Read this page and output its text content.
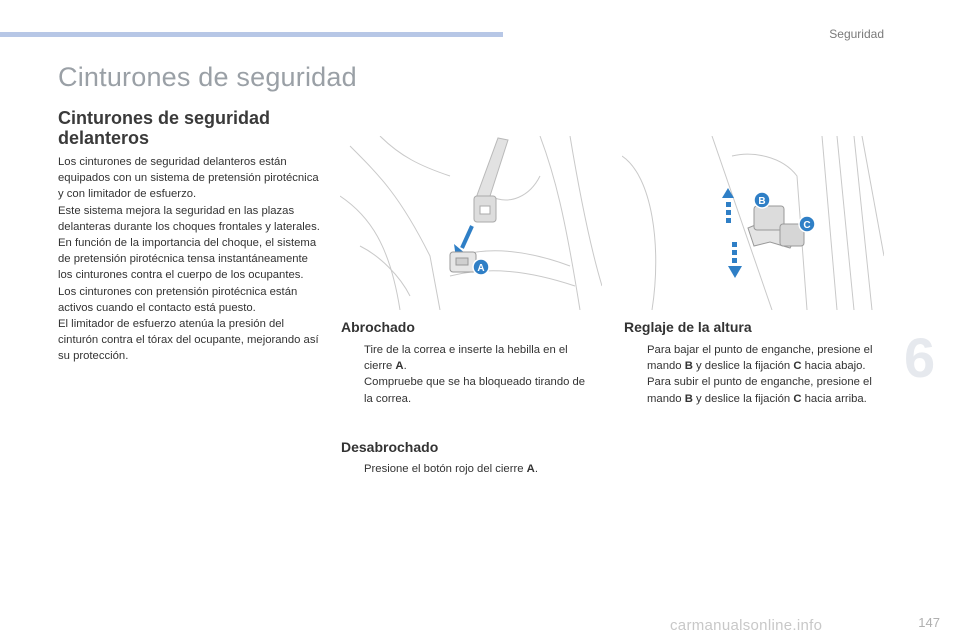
Seguridad
Cinturones de seguridad
Cinturones de seguridad delanteros

Los cinturones de seguridad delanteros están equipados con un sistema de pretensión pirotécnica y con limitador de esfuerzo.

Este sistema mejora la seguridad en las plazas delanteras durante los choques frontales y laterales. En función de la importancia del choque, el sistema de pretensión pirotécnica tensa instantáneamente los cinturones contra el cuerpo de los ocupantes.

Los cinturones con pretensión pirotécnica están activos cuando el contacto está puesto.

El limitador de esfuerzo atenúa la presión del cinturón contra el tórax del ocupante, mejorando así su protección.

A
B
C
Abrochado
Tire de la correa e inserte la hebilla en el cierre A.
Compruebe que se ha bloqueado tirando de la correa.
Desabrochado
Presione el botón rojo del cierre A.
Reglaje de la altura
Para bajar el punto de enganche, presione el mando B y deslice la fijación C hacia abajo.
Para subir el punto de enganche, presione el mando B y deslice la fijación C hacia arriba.
6
carmanualsonline.info	147
